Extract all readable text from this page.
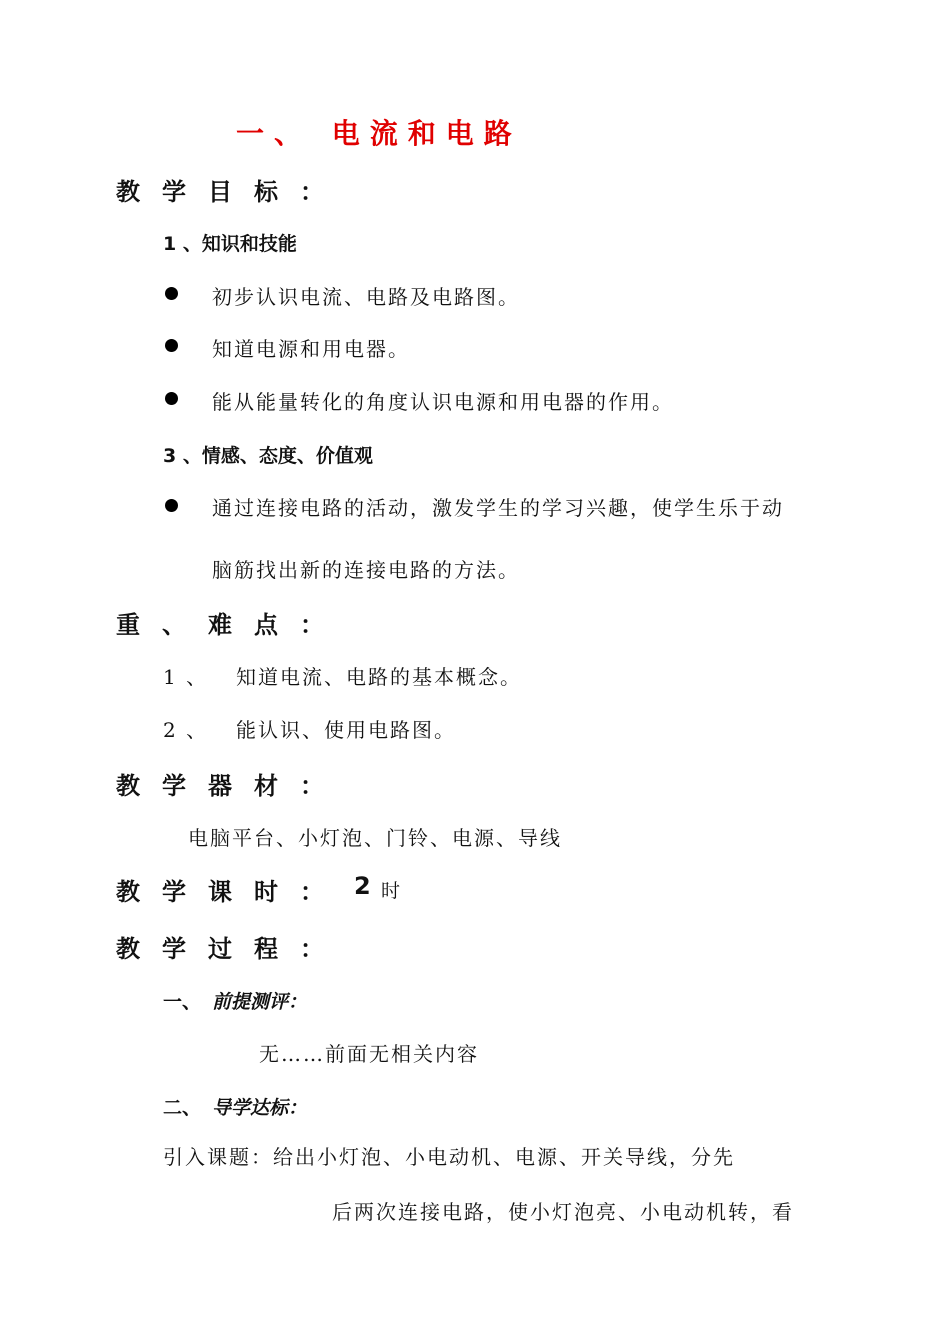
一、 电流和电路
教学目标：
1 、知识和技能
初步认识电流、电路及电路图。
知道电源和用电器。
能从能量转化的角度认识电源和用电器的作用。
3 、情感、态度、价值观
通过连接电路的活动，激发学生的学习兴趣，使学生乐于动
脑筋找出新的连接电路的方法。
重、难点：
1 、 知道电流、电路的基本概念。
2 、 能认识、使用电路图。
教学器材：
电脑平台、小灯泡、门铃、电源、导线
教学课时： 2 时
教学过程：
一、 前提测评：
无……前面无相关内容
二、 导学达标：
引入课题：给出小灯泡、小电动机、电源、开关导线，分先
后两次连接电路，使小灯泡亮、小电动机转，看
